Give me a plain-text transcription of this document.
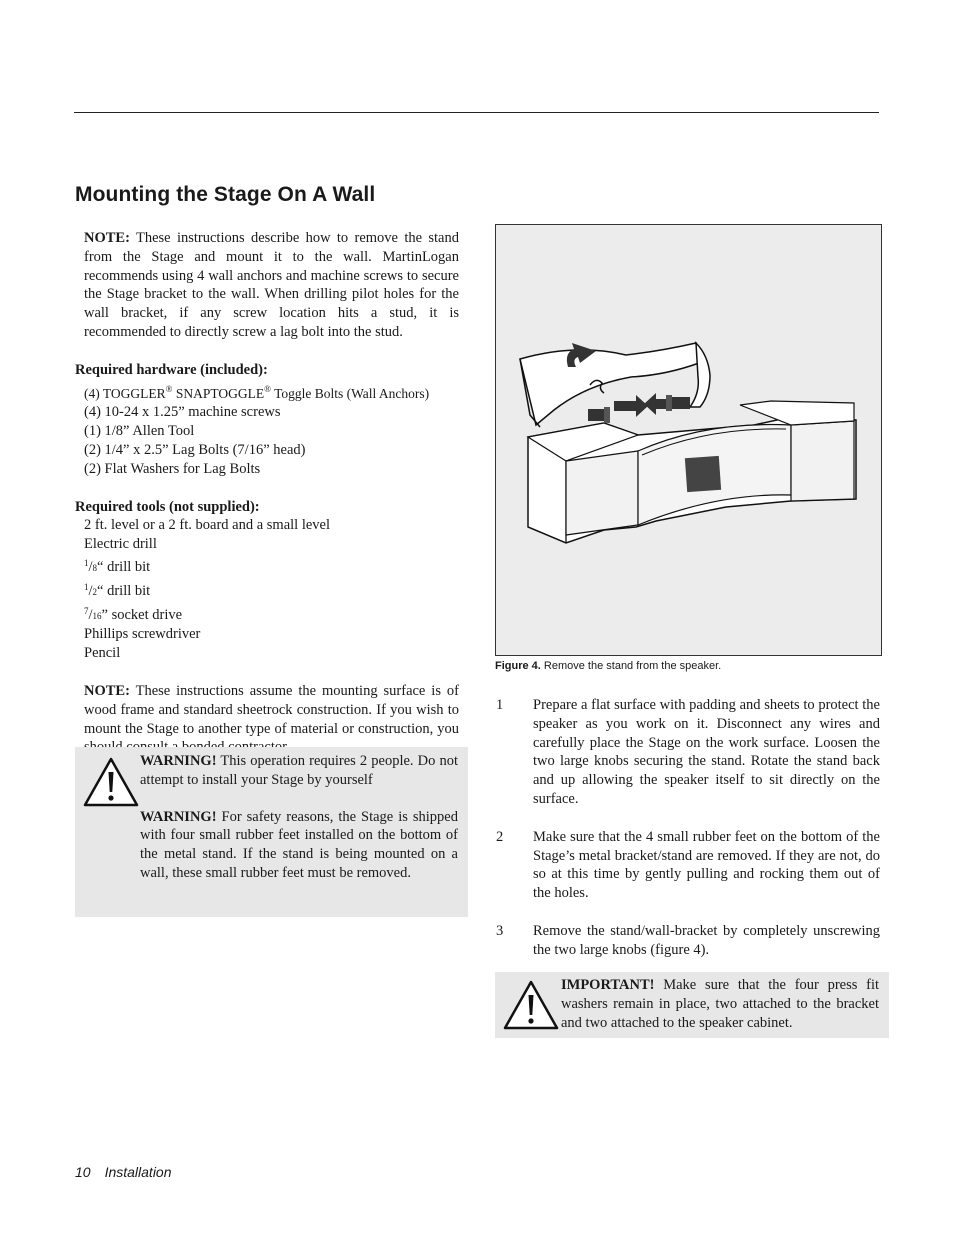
Mounting the Stage On A Wall

NOTE: These instructions describe how to remove the stand from the Stage and mount it to the wall. MartinLogan recommends using 4 wall anchors and machine screws to secure the Stage bracket to the wall. When drilling pilot holes for the wall bracket, if any screw location hits a stud, it is recommended to directly screw a lag bolt into the stud.

Required hardware (included):

(4) TOGGLER® SNAPTOGGLE® Toggle Bolts (Wall Anchors)
(4) 10-24 x 1.25” machine screws
(1) 1/8” Allen Tool
(2) 1/4” x 2.5” Lag Bolts (7/16” head)
(2) Flat Washers for Lag Bolts

Required tools (not supplied):

2 ft. level or a 2 ft. board and a small level
Electric drill
$^1$/8“ drill bit
$^1$/2“ drill bit
$^7$/16” socket drive
Phillips screwdriver
Pencil

NOTE: These instructions assume the mounting surface is of wood frame and standard sheetrock construction. If you wish to mount the Stage to another type of material or construction, you

WARNING! This operation requires 2 people. Do not attempt to install your Stage by yourself
WARNING! For safety reasons, the Stage is shipped with four small rubber feet installed on the bottom of the metal stand. If the stand is being mounted on a wall, these small rubber feet must be removed.
Figure 4. Remove the stand from the speaker.

1 Prepare a flat surface with padding and sheets to protect the speaker as you work on it. Disconnect any wires and carefully place the Stage on the work surface. Loosen the two large knobs securing the stand. Rotate the stand back and up allowing the speaker itself to sit directly on the surface.

2 Make sure that the 4 small rubber feet on the bottom of the Stage’s metal bracket/stand are removed. If they are not, do so at this time by gently pulling and rocking them out of the holes.

3 Remove the stand/wall-bracket by completely unscrewing the two large knobs (figure 4).

IMPORTANT! Make sure that the four press fit washers remain in place, two attached to the bracket and two attached to the speaker cabinet.
10 Installation
